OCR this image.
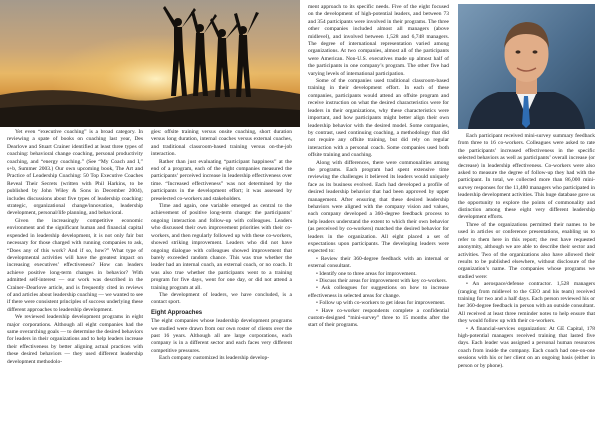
Yet even “executive coaching” is a broad category. In reviewing a spate of books on coaching last year, Des Dearlove and Stuart Crainer identified at least three types of coaching: behavioral change coaching, personal productivity coaching, and “energy coaching.” (See “My Coach and I,” s+b, Summer 2003.) Our own upcoming book, The Art and Practice of Leadership Coaching: 50 Top Executive Coaches Reveal Their Secrets (written with Phil Harkins, to be published by John Wiley & Sons in December 2004), includes discussions about five types of leadership coaching: strategic, organizational change/innovation, leadership development, personal/life planning, and behavioral.

Given the increasingly competitive economic environment and the significant human and financial capital expended in leadership development, it is not only fair but necessary for those charged with running companies to ask, “Does any of this work? And if so, how?” What type of developmental activities will have the greatest impact on increasing executives’ effectiveness? How can leaders achieve positive long-term changes in behavior? With admitted self-interest — our work was described in the Crainer–Dearlove article, and is frequently cited in reviews of and articles about leadership coaching — we wanted to see if there were consistent principles of success underlying these different approaches to leadership development.

We reviewed leadership development programs in eight major corporations. Although all eight companies had the same overarching goals — to determine the desired behaviors for leaders in their organizations and to help leaders increase their effectiveness by better aligning actual practices with these desired behaviors — they used different leadership development methodolo-

gies: offsite training versus onsite coaching, short duration versus long duration, internal coaches versus external coaches, and traditional classroom-based training versus on-the-job interaction.

Rather than just evaluating “participant happiness” at the end of a program, each of the eight companies measured the participants’ perceived increase in leadership effectiveness over time. “Increased effectiveness” was not determined by the participants in the development effort; it was assessed by preselected co-workers and stakeholders.

Time and again, one variable emerged as central to the achievement of positive long-term change: the participants’ ongoing interaction and follow-up with colleagues. Leaders who discussed their own improvement priorities with their co-workers, and then regularly followed up with these co-workers, showed striking improvement. Leaders who did not have ongoing dialogue with colleagues showed improvement that barely exceeded random chance. This was true whether the leader had an internal coach, an external coach, or no coach. It was also true whether the participants went to a training program for five days, went for one day, or did not attend a training program at all.

The development of leaders, we have concluded, is a contact sport.

Eight Approaches

The eight companies whose leadership development programs we studied were drawn from our own roster of clients over the past 16 years. Although all are large corporations, each company is in a different sector and each faces very different competitive pressures.

Each company customized its leadership develop-

ment approach to its specific needs. Five of the eight focused on the development of high-potential leaders, and between 73 and 354 participants were involved in their programs. The three other companies included almost all managers (above midlevel), and involved between 1,528 and 6,748 managers. The degree of international representation varied among organizations. At two companies, almost all of the participants were American. Non-U.S. executives made up almost half of the participants in one company’s program. The other five had varying levels of international participation.

Some of the companies used traditional classroom-based training in their development effort. In each of these companies, participants would attend an offsite program and receive instruction on what the desired characteristics were for leaders in their organizations, why these characteristics were important, and how participants might better align their own leadership behavior with the desired model. Some companies, by contrast, used continuing coaching, a methodology that did not require any offsite training, but did rely on regular interaction with a personal coach. Some companies used both offsite training and coaching.

Along with differences, there were commonalities among the programs. Each program had spent extensive time reviewing the challenges it believed its leaders would uniquely face as its business evolved. Each had developed a profile of desired leadership behavior that had been approved by upper management. After ensuring that these desired leadership behaviors were aligned with the company vision and values, each company developed a 360-degree feedback process to help leaders understand the extent to which their own behavior (as perceived by co-workers) matched the desired behavior for leaders in the organization. All eight placed a set of expectations upon participants. The developing leaders were expected to:

• Review their 360-degree feedback with an internal or external consultant.

• Identify one to three areas for improvement.

• Discuss their areas for improvement with key co-workers.

• Ask colleagues for suggestions on how to increase effectiveness in selected areas for change.

• Follow up with co-workers to get ideas for improvement.

• Have co-worker respondents complete a confidential custom-designed “mini-survey” three to 15 months after the start of their programs.

Each participant received mini-survey summary feedback from three to 16 co-workers. Colleagues were asked to rate the participants’ increased effectiveness in the specific selected behaviors as well as participants’ overall increase (or decrease) in leadership effectiveness. Co-workers were also asked to measure the degree of follow-up they had with the participant. In total, we collected more than 86,000 mini-survey responses for the 11,480 managers who participated in leadership development activities. This huge database gave us the opportunity to explore the points of commonality and distinction among these eight very different leadership development efforts.

Three of the organizations permitted their names to be used in articles or conference presentations, enabling us to refer to them here in this report; the rest have requested anonymity, although we are able to describe their sector and activities. Two of the organizations also have allowed their results to be published elsewhere, without disclosure of the organization’s name. The companies whose programs we studied were:

• An aerospace/defense contractor. 1,528 managers (ranging from midlevel to the CEO and his team) received training for two and a half days. Each person reviewed his or her 360-degree feedback in person with an outside consultant. All received at least three reminder notes to help ensure that they would follow up with their co-workers.

• A financial-services organization: At GE Capital, 178 high-potential managers received training that lasted five days. Each leader was assigned a personal human resources coach from inside the company. Each coach had one-on-one sessions with his or her client on an ongoing basis (either in person or by phone).
